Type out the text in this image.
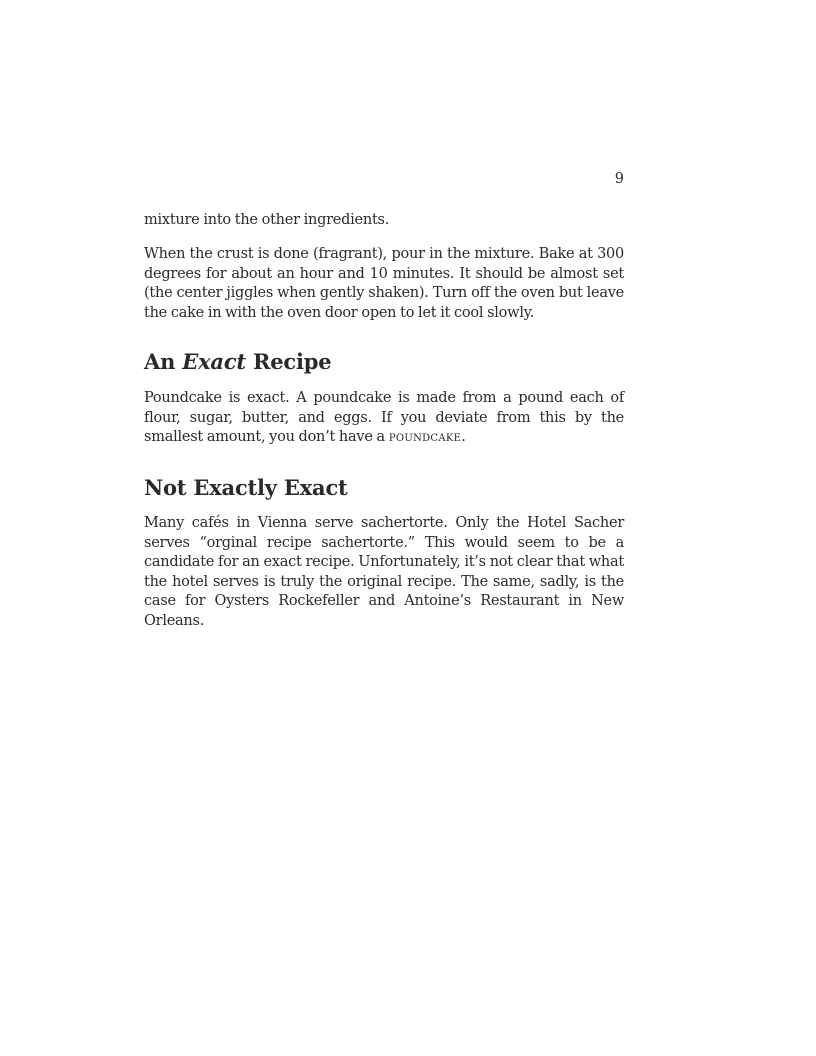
9

mixture into the other ingredients.

When the crust is done (fragrant), pour in the mixture. Bake at 300 degrees for about an hour and 10 minutes. It should be almost set (the center jiggles when gently shaken). Turn off the oven but leave the cake in with the oven door open to let it cool slowly.

An Exact Recipe

Poundcake is exact. A poundcake is made from a pound each of flour, sugar, butter, and eggs. If you deviate from this by the smallest amount, you don’t have a poundcake.

Not Exactly Exact

Many cafés in Vienna serve sachertorte. Only the Hotel Sacher serves “orginal recipe sachertorte.” This would seem to be a candidate for an exact recipe. Unfortunately, it’s not clear that what the hotel serves is truly the original recipe. The same, sadly, is the case for Oysters Rockefeller and Antoine’s Restaurant in New Orleans.
